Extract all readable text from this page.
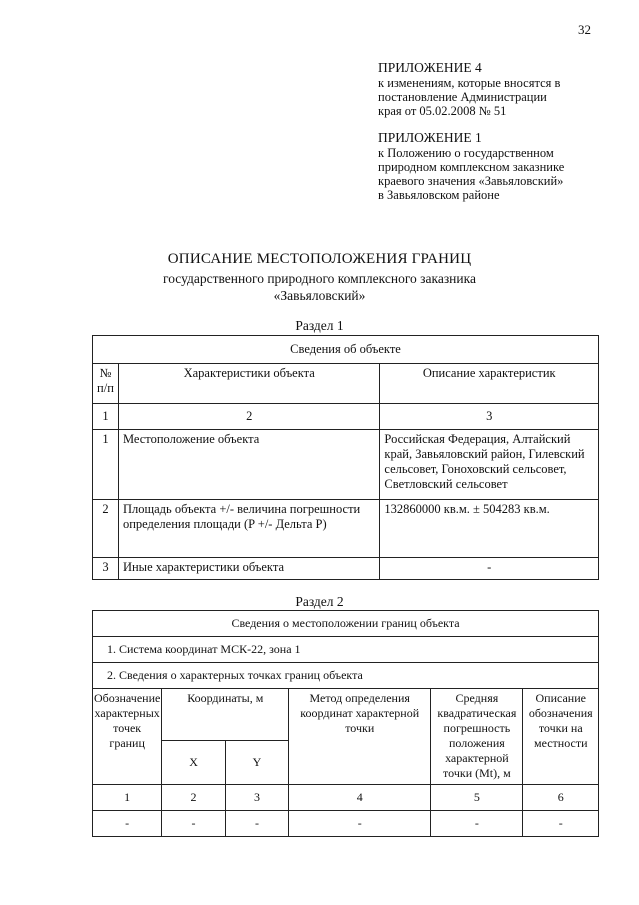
32
ПРИЛОЖЕНИЕ 4
к изменениям, которые вносятся в
постановление Администрации
края от 05.02.2008 № 51
ПРИЛОЖЕНИЕ 1
к Положению о государственном
природном комплексном заказнике
краевого значения «Завьяловский»
в Завьяловском районе
ОПИСАНИЕ МЕСТОПОЛОЖЕНИЯ ГРАНИЦ
государственного природного комплексного заказника
«Завьяловский»
Раздел 1
Сведения об объекте		
№ п/п	Характеристики объекта	Описание характеристик
1	2	3
1	Местоположение объекта	Российская Федерация, Алтайский край, Завьяловский район, Гилевский сельсовет, Гоноховский сельсовет, Светловский сельсовет
2	Площадь объекта +/- величина погрешности определения площади (P +/- Дельта P)	132860000 кв.м. ± 504283 кв.м.
3	Иные характеристики объекта	-
Раздел 2
Сведения о местоположении границ объекта					
1. Система координат МСК-22, зона 1					
2. Сведения о характерных точках границ объекта					
Обозначение характерных точек границ	Координаты, м		Метод определения координат характерной точки	Средняя квадратическая погрешность положения характерной точки (Mt), м	Описание обозначения точки на местности
	X	Y			
1	2	3	4	5	6
-	-	-	-	-	-
